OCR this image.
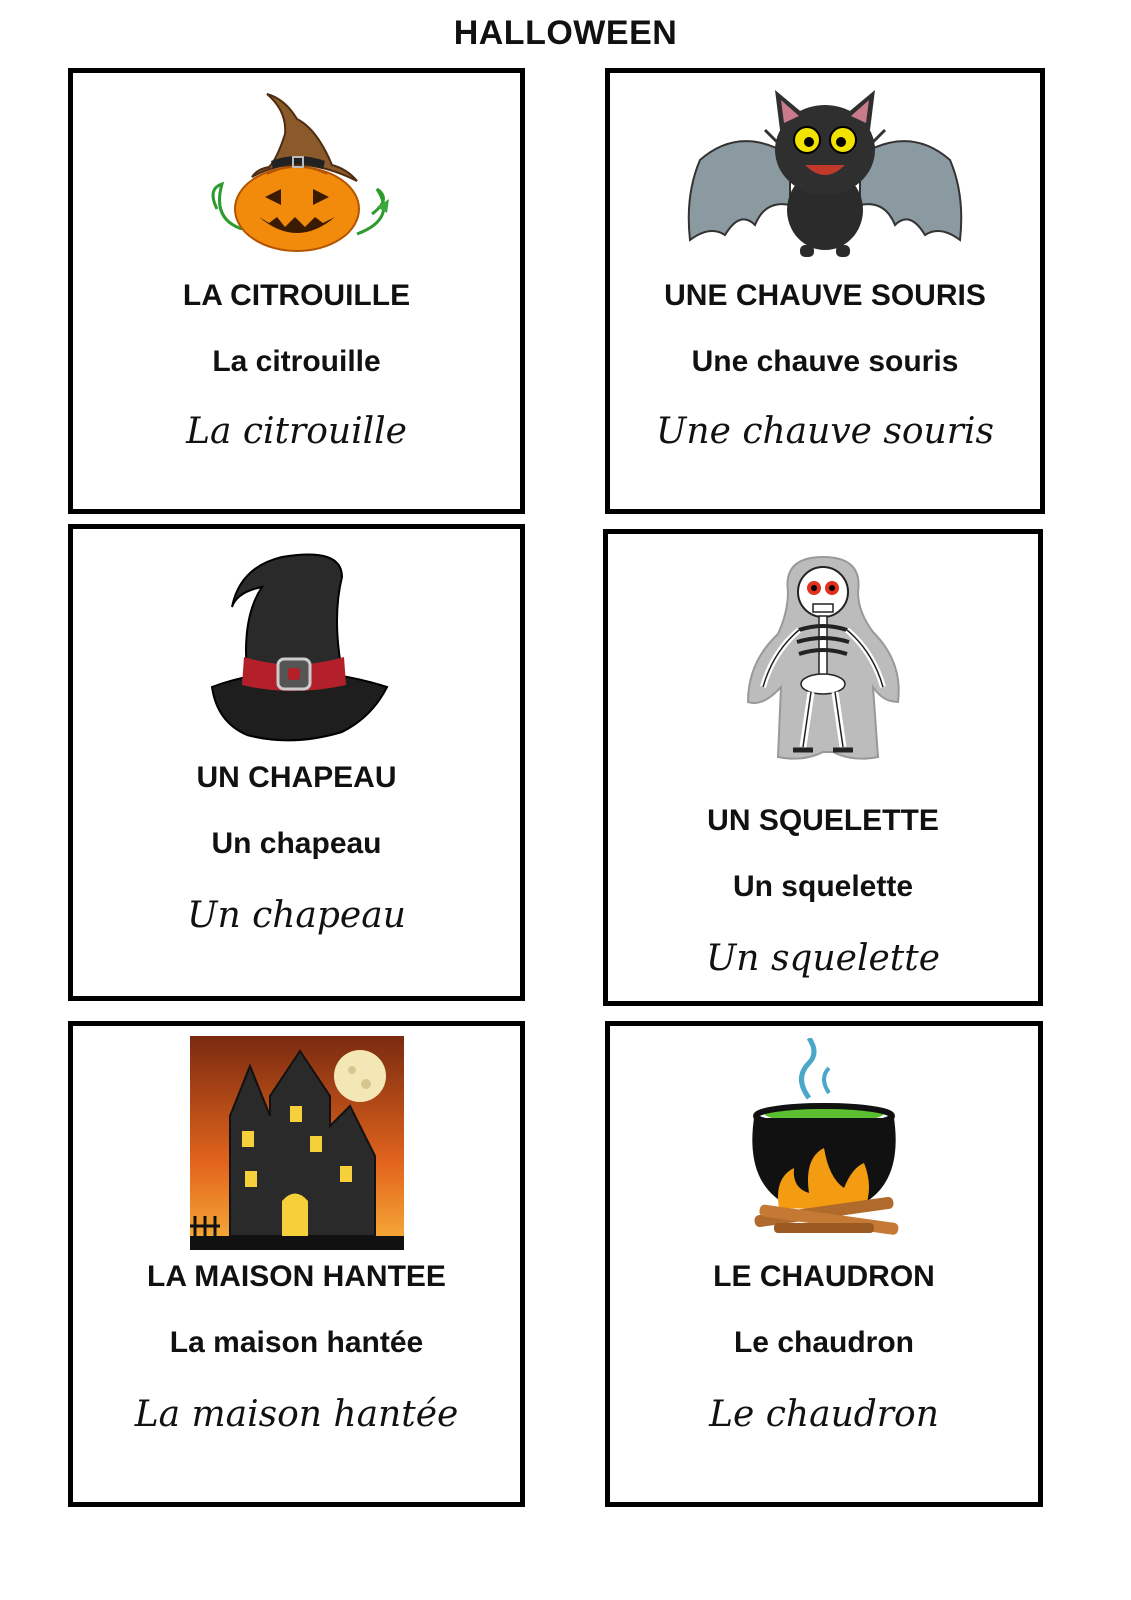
HALLOWEEN
LA CITROUILLE
La citrouille
La citrouille
UNE CHAUVE SOURIS
Une chauve souris
Une chauve souris
UN CHAPEAU
Un chapeau
Un chapeau
UN SQUELETTE
Un squelette
Un squelette
LA MAISON HANTEE
La maison hantée
La maison hantée
LE CHAUDRON
Le chaudron
Le chaudron
